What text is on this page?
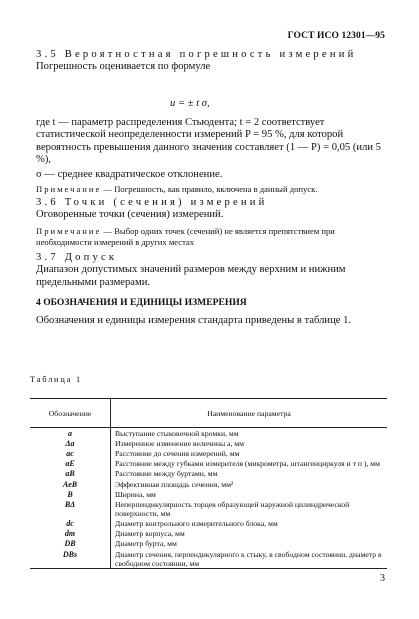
ГОСТ ИСО 12301—95
3.5 Вероятностная погрешность измерений
Погрешность оценивается по формуле
u = ± t σ,
где t — параметр распределения Стьюдента; t = 2 соответствует статистической неопределенности измерений P = 95 %, для которой вероятность превышения данного значения составляет (1 — P) = 0,05 (или 5 %),
σ — среднее квадратическое отклонение.
Примечание — Погрешность, как правило, включена в данный допуск.
3.6 Точки (сечения) измерений
Оговоренные точки (сечения) измерений.
Примечание — Выбор одних точек (сечений) не является препятствием при необходимости измерений в других местах
3.7 Допуск
Диапазон допустимых значений размеров между верхним и нижним предельными размерами.
4 ОБОЗНАЧЕНИЯ И ЕДИНИЦЫ ИЗМЕРЕНИЯ
Обозначения и единицы измерения стандарта приведены в таблице 1.
Таблица 1
Обозначение	Наименование параметра
a	Выступание стыковочной кромки, мм
Δa	Измеренное изменение величины a, мм
ac	Расстояние до сечения измерений, мм
aE	Расстояние между губками измерителя (микрометра, штангенциркуля и т п ), мм
aB	Расстояние между буртами, мм
AeB	Эффективная площадь сечения, мм²
B	Ширина, мм
BΔ	Неперпендикулярность торцев образующей наружной цилиндрической поверхности, мм
dc	Диаметр контрольного измерительного блока, мм
dm	Диаметр корпуса, мм
DB	Диаметр бурта, мм
DBs	Диаметр сечения, перпендикулярного к стыку, в свободном состоянии, диаметр в свободном состоянии, мм
3
